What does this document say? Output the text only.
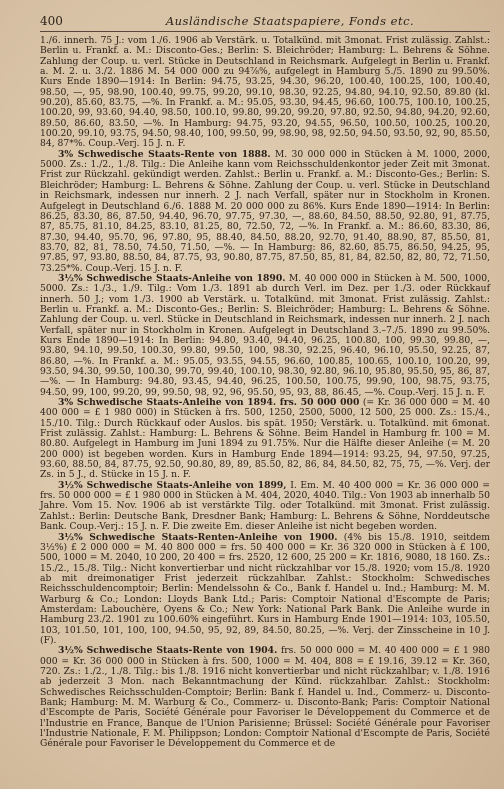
400	Ausländische Staatspapiere, Fonds etc.

1./6. innerh. 75 J.: vom 1./6. 1906 ab Verstärk. u. Totalkünd. mit 3monat. Frist zulässig. Zahlst.: Berlin u. Frankf. a. M.: Disconto-Ges.; Berlin: S. Bleichröder; Hamburg: L. Behrens & Söhne. Zahlung der Coup. u. verl. Stücke in Deutschland in Reichsmark. Aufgelegt in Berlin u. Frankf. a. M. 2. u. 3./2. 1886 M. 54 000 000 zu 94⅞%, aufgelegt in Hamburg 5./5. 1890 zu 99.50%. Kurs Ende 1890—1914: In Berlin: 94.75, 93.25, 94.30, 96.20, 100.40, 100.25, 100, 100.40, 98.50, —, 95, 98.90, 100.40, 99.75, 99.20, 99.10, 98.30, 92.25, 94.80, 94.10, 92.50, 89.80 (kl. 90.20), 85.60, 83.75, —%. In Frankf. a. M.: 95.05, 93.30, 94.45, 96.60, 100.75, 100.10, 100.25, 100.20, 99, 93.60, 94.40, 98.50, 100.10, 99.80, 99.20, 99.20, 97.80, 92.50, 94.80, 94.20, 92.60, 89.50, 86.60, 83.50, —%. In Hamburg: 94.75, 93.20, 94.55, 96.50, 100.50, 100.25, 100.20, 100.20, 99.10, 93.75, 94.50, 98.40, 100, 99.50, 99, 98.90, 98, 92.50, 94.50, 93.50, 92, 90, 85.50, 84, 87*%. Coup.-Verj. 15 J. n. F.

3% Schwedische Staats-Rente von 1888. M. 30 000 000 in Stücken à M. 1000, 2000, 5000. Zs.: 1./2., 1./8. Tilg.: Die Anleihe kann vom Reichsschuldenkontor jeder Zeit mit 3monat. Frist zur Rückzahl. gekündigt werden. Zahlst.: Berlin u. Frankf. a. M.: Disconto-Ges.; Berlin: S. Bleichröder; Hamburg: L. Behrens & Söhne. Zahlung der Coup. u. verl. Stücke in Deutschland in Reichsmark, indessen nur innerh. 2 J. nach Verfall, später nur in Stockholm in Kronen. Aufgelegt in Deutschland 6./6. 1888 M. 20 000 000 zu 86%. Kurs Ende 1890—1914: In Berlin: 86.25, 83.30, 86, 87.50, 94.40, 96.70, 97.75, 97.30, —, 88.60, 84.50, 88.50, 92.80, 91, 87.75, 87, 85.75, 81.10, 84.25, 83.10, 81.25, 80, 72.50, 72, —%. In Frankf. a. M.: 86.60, 83.30, 86, 87.30, 94.40, 95.70, 96, 97.80, 95, 88.40, 84.50, 88.20, 92.70, 91.40, 88.90, 87, 85.50, 81, 83.70, 82, 81, 78.50, 74.50, 71.50, —%. — In Hamburg: 86, 82.60, 85.75, 86.50, 94.25, 95, 97.85, 97, 93.80, 88.50, 84, 87.75, 93, 90.80, 87.75, 87.50, 85, 81, 84, 82.50, 82, 80, 72, 71.50, 73.25*%. Coup.-Verj. 15 J. n. F.

3½% Schwedische Staats-Anleihe von 1890. M. 40 000 000 in Stücken à M. 500, 1000, 5000. Zs.: 1./3., 1./9. Tilg.: Vom 1./3. 1891 ab durch Verl. im Dez. per 1./3. oder Rückkauf innerh. 50 J.; vom 1./3. 1900 ab Verstärk. u. Totalkünd. mit 3monat. Frist zulässig. Zahlst.: Berlin u. Frankf. a. M.: Disconto-Ges.; Berlin: S. Bleichröder; Hamburg: L. Behrens & Söhne. Zahlung der Coup. u. verl. Stücke in Deutschland in Reichsmark, indessen nur innerh. 2 J. nach Verfall, später nur in Stockholm in Kronen. Aufgelegt in Deutschland 3.–7./5. 1890 zu 99.50%. Kurs Ende 1890—1914: In Berlin: 94.80, 93.40, 94.40, 96.25, 100.80, 100, 99.30, 99.80, —, 93.80, 94.10, 99.50, 100.30, 99.80, 99.50, 100, 98.30, 92.25, 96.40, 96.10, 95.50, 92.25, 87, 86.80, —%. In Frankf. a. M.: 95.05, 93.55, 94.55, 96.60, 100.85, 100.65, 100.10, 100.20, 99, 93.50, 94.30, 99.50, 100.30, 99.70, 99.40, 100.10, 98.30, 92.80, 96.10, 95.80, 95.50, 95, 86, 87, —%. — In Hamburg: 94.80, 93.45, 94.40, 96.25, 100.50, 100.75, 99.90, 100, 98.75, 93.75, 94.50, 99, 100, 99.20, 99, 99.50, 98, 92, 96, 95.50, 95, 93, 88, 86.45, —%. Coup.-Verj. 15 J. n. F.

3% Schwedische Staats-Anleihe von 1894. frs. 50 000 000 (= Kr. 36 000 000 = M. 40 400 000 = £ 1 980 000) in Stücken à frs. 500, 1250, 2500, 5000, 12 500, 25 000. Zs.: 15./4., 15./10. Tilg.: Durch Rückkauf oder Auslos. bis spät. 1950; Verstärk. u. Totalkünd. mit 6monat. Frist zulässig. Zahlst.: Hamburg: L. Behrens & Söhne. Beim Handel in Hamburg fr. 100 = M. 80.80. Aufgelegt in Hamburg im Juni 1894 zu 91.75%. Nur die Hälfte dieser Anleihe (= M. 20 200 000) ist begeben worden. Kurs in Hamburg Ende 1894—1914: 93.25, 94, 97.50, 97.25, 93.60, 88.50, 84, 87.75, 92.50, 90.80, 89, 89, 85.50, 82, 86, 84, 84.50, 82, 75, 75, —%. Verj. der Zs. in 5 J., d. Stücke in 15 J. n. F.

3½% Schwedische Staats-Anleihe von 1899, I. Em. M. 40 400 000 = Kr. 36 000 000 = frs. 50 000 000 = £ 1 980 000 in Stücken à M. 404, 2020, 4040. Tilg.: Von 1903 ab innerhalb 50 Jahre. Vom 15. Nov. 1906 ab ist verstärkte Tilg. oder Totalkünd. mit 3monat. Frist zulässig. Zahlst.: Berlin: Deutsche Bank, Dresdner Bank; Hamburg: L. Behrens & Söhne, Norddeutsche Bank. Coup.-Verj.: 15 J. n. F. Die zweite Em. dieser Anleihe ist nicht begeben worden.

3½% Schwedische Staats-Renten-Anleihe von 1900. (4% bis 15./8. 1910, seitdem 3½%) £ 2 000 000 = M. 40 800 000 = frs. 50 400 000 = Kr. 36 320 000 in Stücken à £ 100, 500, 1000 = M. 2040, 10 200, 20 400 = frs. 2520, 12 600, 25 200 = Kr. 1816, 9080, 18 160. Zs.: 15./2., 15./8. Tilg.: Nicht konvertierbar und nicht rückzahlbar vor 15./8. 1920; vom 15./8. 1920 ab mit dreimonatiger Frist jederzeit rückzahlbar. Zahlst.: Stockholm: Schwedisches Reichsschuldencomptoir; Berlin: Mendelssohn & Co., Bank f. Handel u. Ind.; Hamburg: M. M. Warburg & Co.; London: Lloyds Bank Ltd.; Paris: Comptoir National d'Escompte de Paris; Amsterdam: Labouchère, Oyens & Co.; New York: National Park Bank. Die Anleihe wurde in Hamburg 23./2. 1901 zu 100.60% eingeführt. Kurs in Hamburg Ende 1901—1914: 103, 105.50, 103, 101.50, 101, 100, 100, 94.50, 95, 92, 89, 84.50, 80.25, —%. Verj. der Zinsscheine in 10 J. (F).

3½% Schwedische Staats-Rente von 1904. frs. 50 000 000 = M. 40 400 000 = £ 1 980 000 = Kr. 36 000 000 in Stücken à frs. 500, 1000 = M. 404, 808 = £ 19.16, 39.12 = Kr. 360, 720. Zs.: 1./2., 1./8. Tilg.: bis 1./8. 1916 nicht konvertierbar und nicht rückzahlbar; v. 1./8. 1916 ab jederzeit 3 Mon. nach Bekanntmachung der Künd. rückzahlbar. Zahlst.: Stockholm: Schwedisches Reichsschulden-Comptoir; Berlin: Bank f. Handel u. Ind., Commerz- u. Disconto-Bank; Hamburg: M. M. Warburg & Co., Commerz- u. Disconto-Bank; Paris: Comptoir National d'Escompte de Paris, Société Générale pour Favoriser le Développement du Commerce et de l'Industrie en France, Banque de l'Union Parisienne; Brüssel: Société Générale pour Favoriser l'Industrie Nationale, F. M. Philippson; London: Comptoir National d'Escompte de Paris, Société Générale pour Favoriser le Développement du Commerce et de
